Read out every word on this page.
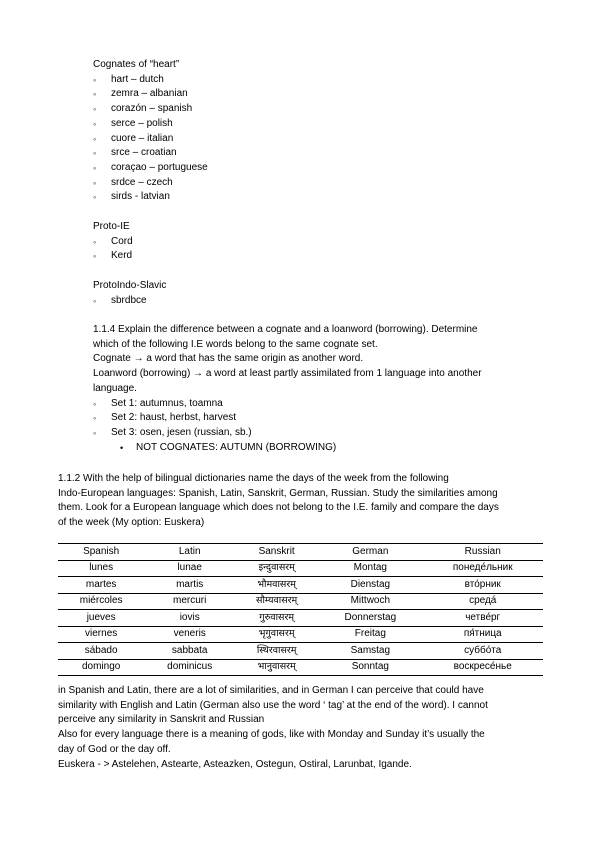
Cognates of “heart”
◦ hart – dutch
◦ zemra – albanian
◦ corazón – spanish
◦ serce – polish
◦ cuore – italian
◦ srce – croatian
◦ coraçao – portuguese
◦ srdce – czech
◦ sirds - latvian
Proto-IE
◦ Cord
◦ Kerd
ProtoIndo-Slavic
◦ sbrdbce
1.1.4 Explain the difference between a cognate and a loanword (borrowing). Determine
which of the following I.E words belong to the same cognate set.
Cognate → a word that has the same origin as another word.
Loanword (borrowing) → a word at least partly assimilated from 1 language into another
language.
◦ Set 1: autumnus, toamna
◦ Set 2: haust, herbst, harvest
◦ Set 3: osen, jesen (russian, sb.)
• NOT COGNATES: AUTUMN (BORROWING)
1.1.2 With the help of bilingual dictionaries name the days of the week from the following
Indo-European languages: Spanish, Latin, Sanskrit, German, Russian. Study the similarities among
them. Look for a European language which does not belong to the I.E. family and compare the days
of the week (My option: Euskera)
Spanish	Latin	Sanskrit	German	Russian
lunes	lunae	इन्दुवासरम्	Montag	понеде́льник
martes	martis	भौमवासरम्	Dienstag	вто́рник
miércoles	mercuri	सौम्यवासरम्	Mittwoch	среда́
jueves	iovis	गुरुवासरम्	Donnerstag	четве́рг
viernes	veneris	भृगुवासरम्	Freitag	пя́тница
sábado	sabbata	स्थिरवासरम्	Samstag	суббо́та
domingo	dominicus	भानुवासरम्	Sonntag	воскресе́нье
in Spanish and Latin, there are a lot of similarities, and in German I can perceive that could have
similarity with English and Latin (German also use the word ‘ tag’ at the end of the word). I cannot
perceive any similarity in Sanskrit and Russian
Also for every language there is a meaning of gods, like with Monday and Sunday it’s usually the
day of God or the day off.
Euskera - > Astelehen, Astearte, Asteazken, Ostegun, Ostiral, Larunbat, Igande.
